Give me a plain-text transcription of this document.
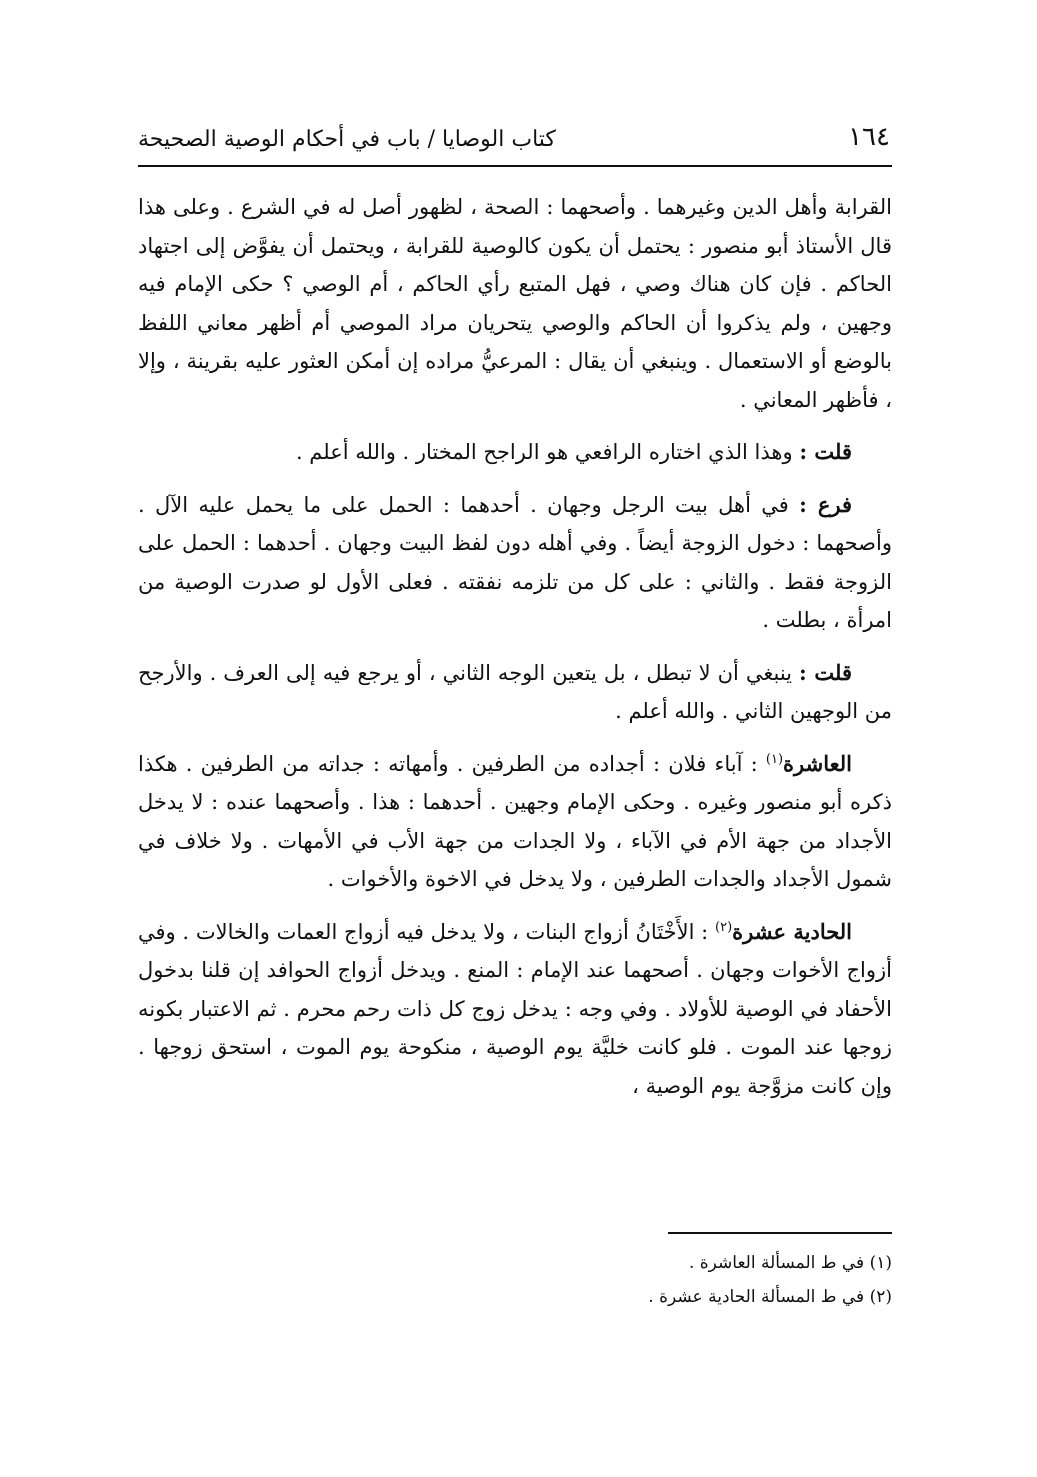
١٦٤
كتاب الوصايا / باب في أحكام الوصية الصحيحة

القرابة وأهل الدين وغيرهما . وأصحهما : الصحة ، لظهور أصل له في الشرع . وعلى هذا قال الأستاذ أبو منصور : يحتمل أن يكون كالوصية للقرابة ، ويحتمل أن يفوَّض إلى اجتهاد الحاكم . فإن كان هناك وصي ، فهل المتبع رأي الحاكم ، أم الوصي ؟ حكى الإمام فيه وجهين ، ولم يذكروا أن الحاكم والوصي يتحريان مراد الموصي أم أظهر معاني اللفظ بالوضع أو الاستعمال . وينبغي أن يقال : المرعيُّ مراده إن أمكن العثور عليه بقرينة ، وإلا ، فأظهر المعاني .

قلت : وهذا الذي اختاره الرافعي هو الراجح المختار . والله أعلم .

فرع : في أهل بيت الرجل وجهان . أحدهما : الحمل على ما يحمل عليه الآل . وأصحهما : دخول الزوجة أيضاً . وفي أهله دون لفظ البيت وجهان . أحدهما : الحمل على الزوجة فقط . والثاني : على كل من تلزمه نفقته . فعلى الأول لو صدرت الوصية من امرأة ، بطلت .

قلت : ينبغي أن لا تبطل ، بل يتعين الوجه الثاني ، أو يرجع فيه إلى العرف . والأرجح من الوجهين الثاني . والله أعلم .

العاشرة$^{(١)}$ : آباء فلان : أجداده من الطرفين . وأمهاته : جداته من الطرفين . هكذا ذكره أبو منصور وغيره . وحكى الإمام وجهين . أحدهما : هذا . وأصحهما عنده : لا يدخل الأجداد من جهة الأم في الآباء ، ولا الجدات من جهة الأب في الأمهات . ولا خلاف في شمول الأجداد والجدات الطرفين ، ولا يدخل في الاخوة والأخوات .

الحادية عشرة$^{(٢)}$ : الأَخْتَانُ أزواج البنات ، ولا يدخل فيه أزواج العمات والخالات . وفي أزواج الأخوات وجهان . أصحهما عند الإمام : المنع . ويدخل أزواج الحوافد إن قلنا بدخول الأحفاد في الوصية للأولاد . وفي وجه : يدخل زوج كل ذات رحم محرم . ثم الاعتبار بكونه زوجها عند الموت . فلو كانت خليَّة يوم الوصية ، منكوحة يوم الموت ، استحق زوجها . وإن كانت مزوَّجة يوم الوصية ،

(١) في ط المسألة العاشرة .

(٢) في ط المسألة الحادية عشرة .
